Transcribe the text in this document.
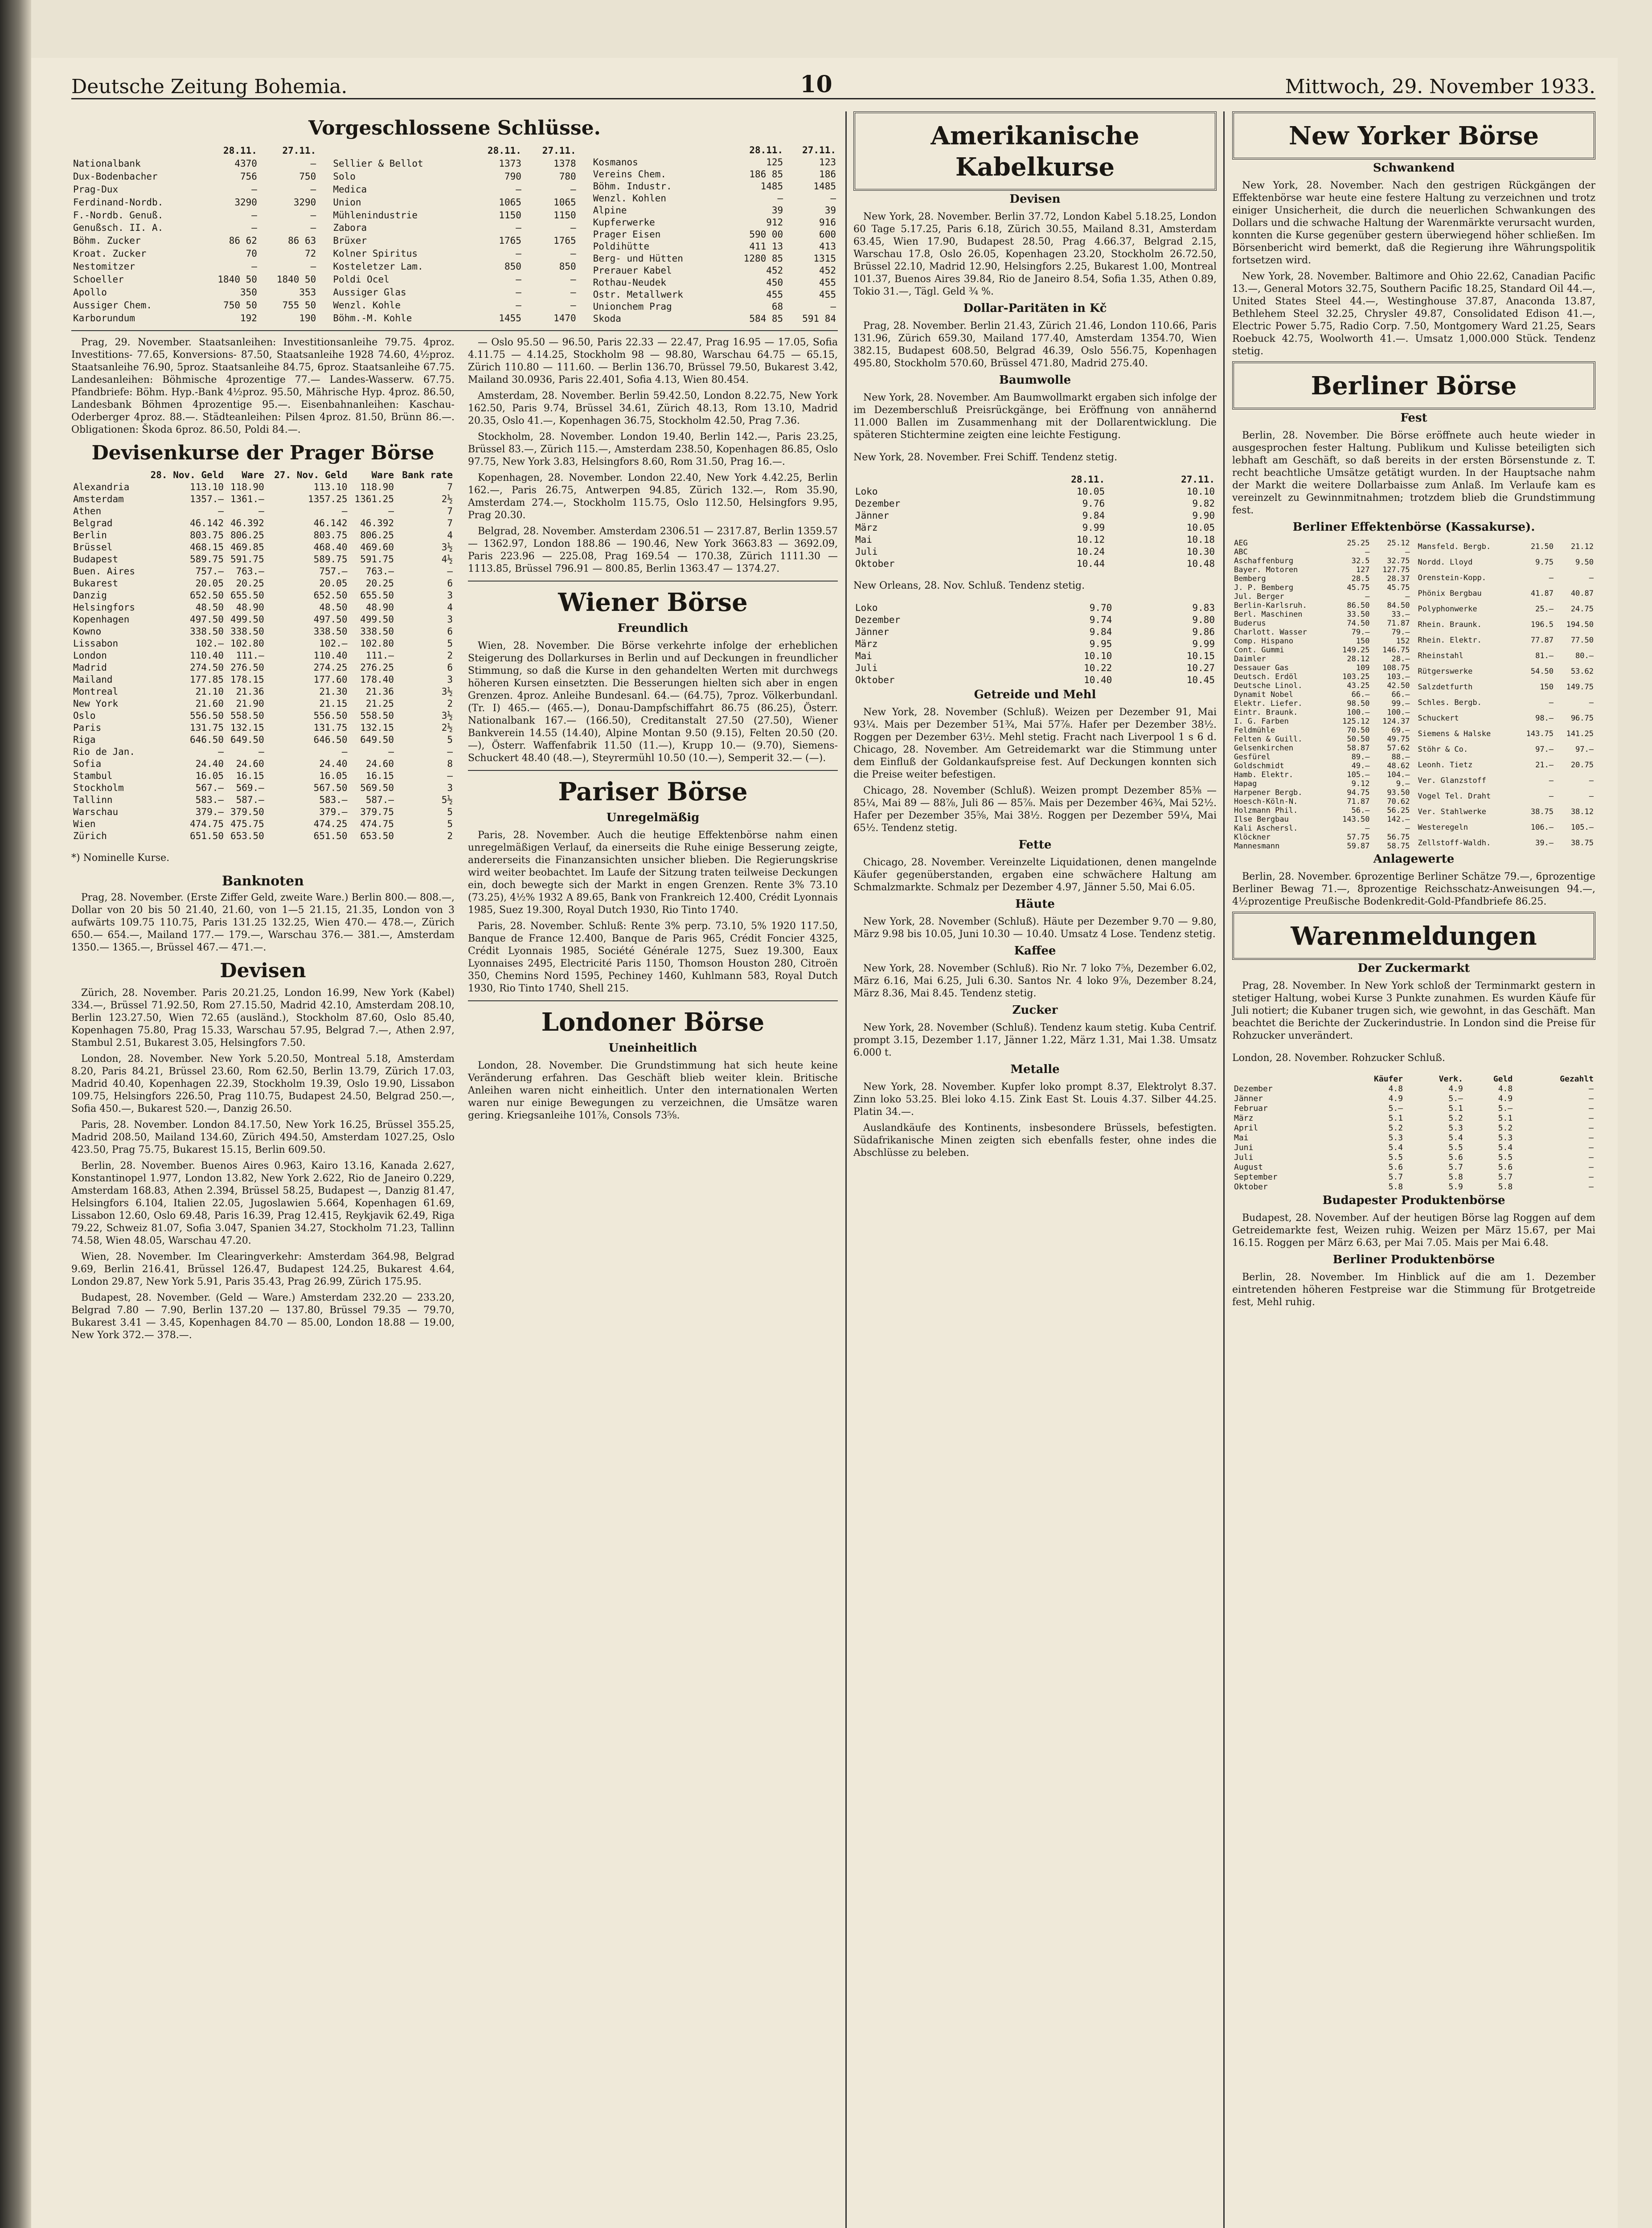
Deutsche Zeitung Bohemia.	10	Mittwoch, 29. November 1933.
Vorgeschlossene Schlüsse.
	28.11.	27.11.
Nationalbank	4370	—
Dux-Bodenbacher	756	750
Prag-Dux	—	—
Ferdinand-Nordb.	3290	3290
F.-Nordb. Genuß.	—	—
Genußsch. II. A.	—	—
Böhm. Zucker	86 62	86 63
Kroat. Zucker	70	72
Nestomitzer	—	—
Schoeller	1840 50	1840 50
Apollo	350	353
Aussiger Chem.	750 50	755 50
Karborundum	192	190
	28.11.	27.11.
Sellier & Bellot	1373	1378
Solo	790	780
Medica	—	—
Union	1065	1065
Mühlenindustrie	1150	1150
Zabora	—	—
Brüxer	1765	1765
Kolner Spiritus	—	—
Kosteletzer Lam.	850	850
Poldi Ocel	—	—
Aussiger Glas	—	—
Wenzl. Kohle	—	—
Böhm.-M. Kohle	1455	1470
	28.11.	27.11.
Kosmanos	125	123
Vereins Chem.	186 85	186
Böhm. Industr.	1485	1485
Wenzl. Kohlen	—	—
Alpine	39	39
Kupferwerke	912	916
Prager Eisen	590 00	600
Poldihütte	411 13	413
Berg- und Hütten	1280 85	1315
Prerauer Kabel	452	452
Rothau-Neudek	450	455
Ostr. Metallwerk	455	455
Unionchem Prag	68	—
Skoda	584 85	591 84

Prag, 29. November. Staatsanleihen: Investitionsanleihe 79.75. 4proz. Investitions- 77.65, Konversions- 87.50, Staatsanleihe 1928 74.60, 4½proz. Staatsanleihe 76.90, 5proz. Staatsanleihe 84.75, 6proz. Staatsanleihe 67.75. Landesanleihen: Böhmische 4prozentige 77.— Landes-Wasserw. 67.75. Pfandbriefe: Böhm. Hyp.-Bank 4½proz. 95.50, Mährische Hyp. 4proz. 86.50, Landesbank Böhmen 4prozentige 95.—. Eisenbahnanleihen: Kaschau-Oderberger 4proz. 88.—. Städteanleihen: Pilsen 4proz. 81.50, Brünn 86.—. Obligationen: Škoda 6proz. 86.50, Poldi 84.—.

Devisenkurse der Prager Börse
	28. Nov. Geld	Ware	27. Nov. Geld	Ware	Bank rate
Alexandria	113.10	118.90	113.10	118.90	7
Amsterdam	1357.—	1361.—	1357.25	1361.25	2½
Athen	—	—	—	—	7
Belgrad	46.142	46.392	46.142	46.392	7
Berlin	803.75	806.25	803.75	806.25	4
Brüssel	468.15	469.85	468.40	469.60	3½
Budapest	589.75	591.75	589.75	591.75	4½
Buen. Aires	757.—	763.—	757.—	763.—	—
Bukarest	20.05	20.25	20.05	20.25	6
Danzig	652.50	655.50	652.50	655.50	3
Helsingfors	48.50	48.90	48.50	48.90	4
Kopenhagen	497.50	499.50	497.50	499.50	3
Kowno	338.50	338.50	338.50	338.50	6
Lissabon	102.—	102.80	102.—	102.80	5
London	110.40	111.—	110.40	111.—	2
Madrid	274.50	276.50	274.25	276.25	6
Mailand	177.85	178.15	177.60	178.40	3
Montreal	21.10	21.36	21.30	21.36	3½
New York	21.60	21.90	21.15	21.25	2
Oslo	556.50	558.50	556.50	558.50	3½
Paris	131.75	132.15	131.75	132.15	2½
Riga	646.50	649.50	646.50	649.50	5
Rio de Jan.	—	—	—	—	—
Sofia	24.40	24.60	24.40	24.60	8
Stambul	16.05	16.15	16.05	16.15	—
Stockholm	567.—	569.—	567.50	569.50	3
Tallinn	583.—	587.—	583.—	587.—	5½
Warschau	379.—	379.50	379.—	379.75	5
Wien	474.75	475.75	474.25	474.75	5
Zürich	651.50	653.50	651.50	653.50	2

*) Nominelle Kurse.

Banknoten

Prag, 28. November. (Erste Ziffer Geld, zweite Ware.) Berlin 800.— 808.—, Dollar von 20 bis 50 21.40, 21.60, von 1—5 21.15, 21.35, London von 3 aufwärts 109.75 110.75, Paris 131.25 132.25, Wien 470.— 478.—, Zürich 650.— 654.—, Mailand 177.— 179.—, Warschau 376.— 381.—, Amsterdam 1350.— 1365.—, Brüssel 467.— 471.—.

Devisen

Zürich, 28. November. Paris 20.21.25, London 16.99, New York (Kabel) 334.—, Brüssel 71.92.50, Rom 27.15.50, Madrid 42.10, Amsterdam 208.10, Berlin 123.27.50, Wien 72.65 (ausländ.), Stockholm 87.60, Oslo 85.40, Kopenhagen 75.80, Prag 15.33, Warschau 57.95, Belgrad 7.—, Athen 2.97, Stambul 2.51, Bukarest 3.05, Helsingfors 7.50.

London, 28. November. New York 5.20.50, Montreal 5.18, Amsterdam 8.20, Paris 84.21, Brüssel 23.60, Rom 62.50, Berlin 13.79, Zürich 17.03, Madrid 40.40, Kopenhagen 22.39, Stockholm 19.39, Oslo 19.90, Lissabon 109.75, Helsingfors 226.50, Prag 110.75, Budapest 24.50, Belgrad 250.—, Sofia 450.—, Bukarest 520.—, Danzig 26.50.

Paris, 28. November. London 84.17.50, New York 16.25, Brüssel 355.25, Madrid 208.50, Mailand 134.60, Zürich 494.50, Amsterdam 1027.25, Oslo 423.50, Prag 75.75, Bukarest 15.15, Berlin 609.50.

Berlin, 28. November. Buenos Aires 0.963, Kairo 13.16, Kanada 2.627, Konstantinopel 1.977, London 13.82, New York 2.622, Rio de Janeiro 0.229, Amsterdam 168.83, Athen 2.394, Brüssel 58.25, Budapest —, Danzig 81.47, Helsingfors 6.104, Italien 22.05, Jugoslawien 5.664, Kopenhagen 61.69, Lissabon 12.60, Oslo 69.48, Paris 16.39, Prag 12.415, Reykjavik 62.49, Riga 79.22, Schweiz 81.07, Sofia 3.047, Spanien 34.27, Stockholm 71.23, Tallinn 74.58, Wien 48.05, Warschau 47.20.

Wien, 28. November. Im Clearingverkehr: Amsterdam 364.98, Belgrad 9.69, Berlin 216.41, Brüssel 126.47, Budapest 124.25, Bukarest 4.64, London 29.87, New York 5.91, Paris 35.43, Prag 26.99, Zürich 175.95.

Budapest, 28. November. (Geld — Ware.) Amsterdam 232.20 — 233.20, Belgrad 7.80 — 7.90, Berlin 137.20 — 137.80, Brüssel 79.35 — 79.70, Bukarest 3.41 — 3.45, Kopenhagen 84.70 — 85.00, London 18.88 — 19.00, New York 372.— 378.—.

— Oslo 95.50 — 96.50, Paris 22.33 — 22.47, Prag 16.95 — 17.05, Sofia 4.11.75 — 4.14.25, Stockholm 98 — 98.80, Warschau 64.75 — 65.15, Zürich 110.80 — 111.60. — Berlin 136.70, Brüssel 79.50, Bukarest 3.42, Mailand 30.0936, Paris 22.401, Sofia 4.13, Wien 80.454.

Amsterdam, 28. November. Berlin 59.42.50, London 8.22.75, New York 162.50, Paris 9.74, Brüssel 34.61, Zürich 48.13, Rom 13.10, Madrid 20.35, Oslo 41.—, Kopenhagen 36.75, Stockholm 42.50, Prag 7.36.

Stockholm, 28. November. London 19.40, Berlin 142.—, Paris 23.25, Brüssel 83.—, Zürich 115.—, Amsterdam 238.50, Kopenhagen 86.85, Oslo 97.75, New York 3.83, Helsingfors 8.60, Rom 31.50, Prag 16.—.

Kopenhagen, 28. November. London 22.40, New York 4.42.25, Berlin 162.—, Paris 26.75, Antwerpen 94.85, Zürich 132.—, Rom 35.90, Amsterdam 274.—, Stockholm 115.75, Oslo 112.50, Helsingfors 9.95, Prag 20.30.

Belgrad, 28. November. Amsterdam 2306.51 — 2317.87, Berlin 1359.57 — 1362.97, London 188.86 — 190.46, New York 3663.83 — 3692.09, Paris 223.96 — 225.08, Prag 169.54 — 170.38, Zürich 1111.30 — 1113.85, Brüssel 796.91 — 800.85, Berlin 1363.47 — 1374.27.

Wiener Börse
Freundlich

Wien, 28. November. Die Börse verkehrte infolge der erheblichen Steigerung des Dollarkurses in Berlin und auf Deckungen in freundlicher Stimmung, so daß die Kurse in den gehandelten Werten mit durchwegs höheren Kursen einsetzten. Die Besserungen hielten sich aber in engen Grenzen. 4proz. Anleihe Bundesanl. 64.— (64.75), 7proz. Völkerbundanl. (Tr. I) 465.— (465.—), Donau-Dampfschiffahrt 86.75 (86.25), Österr. Nationalbank 167.— (166.50), Creditanstalt 27.50 (27.50), Wiener Bankverein 14.55 (14.40), Alpine Montan 9.50 (9.15), Felten 20.50 (20.—), Österr. Waffenfabrik 11.50 (11.—), Krupp 10.— (9.70), Siemens-Schuckert 48.40 (48.—), Steyrermühl 10.50 (10.—), Semperit 32.— (—).

Pariser Börse
Unregelmäßig

Paris, 28. November. Auch die heutige Effektenbörse nahm einen unregelmäßigen Verlauf, da einerseits die Ruhe einige Besserung zeigte, andererseits die Finanzansichten unsicher blieben. Die Regierungskrise wird weiter beobachtet. Im Laufe der Sitzung traten teilweise Deckungen ein, doch bewegte sich der Markt in engen Grenzen. Rente 3% 73.10 (73.25), 4½% 1932 A 89.65, Bank von Frankreich 12.400, Crédit Lyonnais 1985, Suez 19.300, Royal Dutch 1930, Rio Tinto 1740.

Paris, 28. November. Schluß: Rente 3% perp. 73.10, 5% 1920 117.50, Banque de France 12.400, Banque de Paris 965, Crédit Foncier 4325, Crédit Lyonnais 1985, Société Générale 1275, Suez 19.300, Eaux Lyonnaises 2495, Electricité Paris 1150, Thomson Houston 280, Citroën 350, Chemins Nord 1595, Pechiney 1460, Kuhlmann 583, Royal Dutch 1930, Rio Tinto 1740, Shell 215.

Londoner Börse
Uneinheitlich

London, 28. November. Die Grundstimmung hat sich heute keine Veränderung erfahren. Das Geschäft blieb weiter klein. Britische Anleihen waren nicht einheitlich. Unter den internationalen Werten waren nur einige Bewegungen zu verzeichnen, die Umsätze waren gering. Kriegsanleihe 101⅞, Consols 73⅝.

Amerikanische Kabelkurse
Devisen

New York, 28. November. Berlin 37.72, London Kabel 5.18.25, London 60 Tage 5.17.25, Paris 6.18, Zürich 30.55, Mailand 8.31, Amsterdam 63.45, Wien 17.90, Budapest 28.50, Prag 4.66.37, Belgrad 2.15, Warschau 17.8, Oslo 26.05, Kopenhagen 23.20, Stockholm 26.72.50, Brüssel 22.10, Madrid 12.90, Helsingfors 2.25, Bukarest 1.00, Montreal 101.37, Buenos Aires 39.84, Rio de Janeiro 8.54, Sofia 1.35, Athen 0.89, Tokio 31.—, Tägl. Geld ¾ %.

Dollar-Paritäten in Kč

Prag, 28. November. Berlin 21.43, Zürich 21.46, London 110.66, Paris 131.96, Zürich 659.30, Mailand 177.40, Amsterdam 1354.70, Wien 382.15, Budapest 608.50, Belgrad 46.39, Oslo 556.75, Kopenhagen 495.80, Stockholm 570.60, Brüssel 471.80, Madrid 275.40.

Baumwolle

New York, 28. November. Am Baumwollmarkt ergaben sich infolge der im Dezemberschluß Preisrückgänge, bei Eröffnung von annähernd 11.000 Ballen im Zusammenhang mit der Dollarentwicklung. Die späteren Stichtermine zeigten eine leichte Festigung.

New York, 28. November. Frei Schiff. Tendenz stetig.

	28.11.	27.11.
Loko	10.05	10.10
Dezember	9.76	9.82
Jänner	9.84	9.90
März	9.99	10.05
Mai	10.12	10.18
Juli	10.24	10.30
Oktober	10.44	10.48

New Orleans, 28. Nov. Schluß. Tendenz stetig.

Loko	9.70	9.83
Dezember	9.74	9.80
Jänner	9.84	9.86
März	9.95	9.99
Mai	10.10	10.15
Juli	10.22	10.27
Oktober	10.40	10.45
Getreide und Mehl

New York, 28. November (Schluß). Weizen per Dezember 91, Mai 93¼. Mais per Dezember 51¾, Mai 57⅞. Hafer per Dezember 38½. Roggen per Dezember 63½. Mehl stetig. Fracht nach Liverpool 1 s 6 d. Chicago, 28. November. Am Getreidemarkt war die Stimmung unter dem Einfluß der Goldankaufspreise fest. Auf Deckungen konnten sich die Preise weiter befestigen.

Chicago, 28. November (Schluß). Weizen prompt Dezember 85⅜ — 85¼, Mai 89 — 88⅞, Juli 86 — 85⅞. Mais per Dezember 46¾, Mai 52½. Hafer per Dezember 35⅝, Mai 38½. Roggen per Dezember 59¼, Mai 65½. Tendenz stetig.

Fette

Chicago, 28. November. Vereinzelte Liquidationen, denen mangelnde Käufer gegenüberstanden, ergaben eine schwächere Haltung am Schmalzmarkte. Schmalz per Dezember 4.97, Jänner 5.50, Mai 6.05.

Häute

New York, 28. November (Schluß). Häute per Dezember 9.70 — 9.80, März 9.98 bis 10.05, Juni 10.30 — 10.40. Umsatz 4 Lose. Tendenz stetig.

Kaffee

New York, 28. November (Schluß). Rio Nr. 7 loko 7⅝, Dezember 6.02, März 6.16, Mai 6.25, Juli 6.30. Santos Nr. 4 loko 9⅞, Dezember 8.24, März 8.36, Mai 8.45. Tendenz stetig.

Zucker

New York, 28. November (Schluß). Tendenz kaum stetig. Kuba Centrif. prompt 3.15, Dezember 1.17, Jänner 1.22, März 1.31, Mai 1.38. Umsatz 6.000 t.

Metalle

New York, 28. November. Kupfer loko prompt 8.37, Elektrolyt 8.37. Zinn loko 53.25. Blei loko 4.15. Zink East St. Louis 4.37. Silber 44.25. Platin 34.—.

Auslandkäufe des Kontinents, insbesondere Brüssels, befestigten. Südafrikanische Minen zeigten sich ebenfalls fester, ohne indes die Abschlüsse zu beleben.

New Yorker Börse
Schwankend

New York, 28. November. Nach den gestrigen Rückgängen der Effektenbörse war heute eine festere Haltung zu verzeichnen und trotz einiger Unsicherheit, die durch die neuerlichen Schwankungen des Dollars und die schwache Haltung der Warenmärkte verursacht wurden, konnten die Kurse gegenüber gestern überwiegend höher schließen. Im Börsenbericht wird bemerkt, daß die Regierung ihre Währungspolitik fortsetzen wird.

New York, 28. November. Baltimore and Ohio 22.62, Canadian Pacific 13.—, General Motors 32.75, Southern Pacific 18.25, Standard Oil 44.—, United States Steel 44.—, Westinghouse 37.87, Anaconda 13.87, Bethlehem Steel 32.25, Chrysler 49.87, Consolidated Edison 41.—, Electric Power 5.75, Radio Corp. 7.50, Montgomery Ward 21.25, Sears Roebuck 42.75, Woolworth 41.—. Umsatz 1,000.000 Stück. Tendenz stetig.

Berliner Börse
Fest

Berlin, 28. November. Die Börse eröffnete auch heute wieder in ausgesprochen fester Haltung. Publikum und Kulisse beteiligten sich lebhaft am Geschäft, so daß bereits in der ersten Börsenstunde z. T. recht beachtliche Umsätze getätigt wurden. In der Hauptsache nahm der Markt die weitere Dollarbaisse zum Anlaß. Im Verlaufe kam es vereinzelt zu Gewinnmitnahmen; trotzdem blieb die Grundstimmung fest.

Berliner Effektenbörse (Kassakurse).
AEG	25.25	25.12
ABC	—	—
Aschaffenburg	32.5	32.75
Bayer. Motoren	127	127.75
Bemberg	28.5	28.37
J. P. Bemberg	45.75	45.75
Jul. Berger	—	—
Berlin-Karlsruh.	86.50	84.50
Berl. Maschinen	33.50	33.—
Buderus	74.50	71.87
Charlott. Wasser	79.—	79.—
Comp. Hispano	150	152
Cont. Gummi	149.25	146.75
Daimler	28.12	28.—
Dessauer Gas	109	108.75
Deutsch. Erdöl	103.25	103.—
Deutsche Linol.	43.25	42.50
Dynamit Nobel	66.—	66.—
Elektr. Liefer.	98.50	99.—
Eintr. Braunk.	100.—	100.—
I. G. Farben	125.12	124.37
Feldmühle	70.50	69.—
Felten & Guill.	50.50	49.75
Gelsenkirchen	58.87	57.62
Gesfürel	89.—	88.—
Goldschmidt	49.—	48.62
Hamb. Elektr.	105.—	104.—
Hapag	9.12	9.—
Harpener Bergb.	94.75	93.50
Hoesch-Köln-N.	71.87	70.62
Holzmann Phil.	56.—	56.25
Ilse Bergbau	143.50	142.—
Kali Aschersl.	—	—
Klöckner	57.75	56.75
Mannesmann	59.87	58.75
Mansfeld. Bergb.	21.50	21.12
Nordd. Lloyd	9.75	9.50
Orenstein-Kopp.	—	—
Phönix Bergbau	41.87	40.87
Polyphonwerke	25.—	24.75
Rhein. Braunk.	196.5	194.50
Rhein. Elektr.	77.87	77.50
Rheinstahl	81.—	80.—
Rütgerswerke	54.50	53.62
Salzdetfurth	150	149.75
Schles. Bergb.	—	—
Schuckert	98.—	96.75
Siemens & Halske	143.75	141.25
Stöhr & Co.	97.—	97.—
Leonh. Tietz	21.—	20.75
Ver. Glanzstoff	—	—
Vogel Tel. Draht	—	—
Ver. Stahlwerke	38.75	38.12
Westeregeln	106.—	105.—
Zellstoff-Waldh.	39.—	38.75
Anlagewerte

Berlin, 28. November. 6prozentige Berliner Schätze 79.—, 6prozentige Berliner Bewag 71.—, 8prozentige Reichsschatz-Anweisungen 94.—, 4½prozentige Preußische Bodenkredit-Gold-Pfandbriefe 86.25.

Warenmeldungen
Der Zuckermarkt

Prag, 28. November. In New York schloß der Terminmarkt gestern in stetiger Haltung, wobei Kurse 3 Punkte zunahmen. Es wurden Käufe für Juli notiert; die Kubaner trugen sich, wie gewohnt, in das Geschäft. Man beachtet die Berichte der Zuckerindustrie. In London sind die Preise für Rohzucker unverändert.

London, 28. November. Rohzucker Schluß.

	Käufer	Verk.	Geld	Gezahlt
Dezember	4.8	4.9	4.8	—
Jänner	4.9	5.—	4.9	—
Februar	5.—	5.1	5.—	—
März	5.1	5.2	5.1	—
April	5.2	5.3	5.2	—
Mai	5.3	5.4	5.3	—
Juni	5.4	5.5	5.4	—
Juli	5.5	5.6	5.5	—
August	5.6	5.7	5.6	—
September	5.7	5.8	5.7	—
Oktober	5.8	5.9	5.8	—
Budapester Produktenbörse

Budapest, 28. November. Auf der heutigen Börse lag Roggen auf dem Getreidemarkte fest, Weizen ruhig. Weizen per März 15.67, per Mai 16.15. Roggen per März 6.63, per Mai 7.05. Mais per Mai 6.48.

Berliner Produktenbörse

Berlin, 28. November. Im Hinblick auf die am 1. Dezember eintretenden höheren Festpreise war die Stimmung für Brotgetreide fest, Mehl ruhig.
